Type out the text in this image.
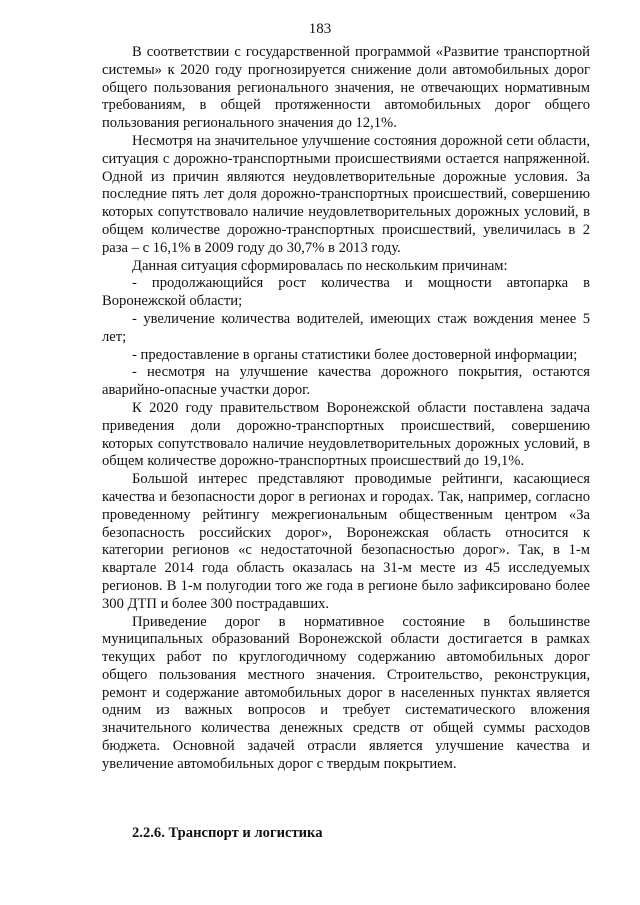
183

В соответствии с государственной программой «Развитие транспортной системы» к 2020 году прогнозируется снижение доли автомобильных дорог общего пользования регионального значения, не отвечающих нормативным требованиям, в общей протяженности автомобильных дорог общего пользования регионального значения до 12,1%.

Несмотря на значительное улучшение состояния дорожной сети области, ситуация с дорожно-транспортными происшествиями остается напряженной. Одной из причин являются неудовлетворительные дорожные условия. За последние пять лет доля дорожно-транспортных происшествий, совершению которых сопутствовало наличие неудовлетворительных дорожных условий, в общем количестве дорожно-транспортных происшествий, увеличилась в 2 раза – с 16,1% в 2009 году до 30,7% в 2013 году.

Данная ситуация сформировалась по нескольким причинам:

- продолжающийся рост количества и мощности автопарка в Воронежской области;

- увеличение количества водителей, имеющих стаж вождения менее 5 лет;

- предоставление в органы статистики более достоверной информации;

- несмотря на улучшение качества дорожного покрытия, остаются аварийно-опасные участки дорог.

К 2020 году правительством Воронежской области поставлена задача приведения доли дорожно-транспортных происшествий, совершению которых сопутствовало наличие неудовлетворительных дорожных условий, в общем количестве дорожно-транспортных происшествий до 19,1%.

Большой интерес представляют проводимые рейтинги, касающиеся качества и безопасности дорог в регионах и городах. Так, например, согласно проведенному рейтингу межрегиональным общественным центром «За безопасность российских дорог», Воронежская область относится к категории регионов «с недостаточной безопасностью дорог». Так, в 1-м квартале 2014 года область оказалась на 31-м месте из 45 исследуемых регионов. В 1-м полугодии того же года в регионе было зафиксировано более 300 ДТП и более 300 пострадавших.

Приведение дорог в нормативное состояние в большинстве муниципальных образований Воронежской области достигается в рамках текущих работ по круглогодичному содержанию автомобильных дорог общего пользования местного значения. Строительство, реконструкция, ремонт и содержание автомобильных дорог в населенных пунктах является одним из важных вопросов и требует систематического вложения значительного количества денежных средств от общей суммы расходов бюджета. Основной задачей отрасли является улучшение качества и увеличение автомобильных дорог с твердым покрытием.

2.2.6. Транспорт и логистика
